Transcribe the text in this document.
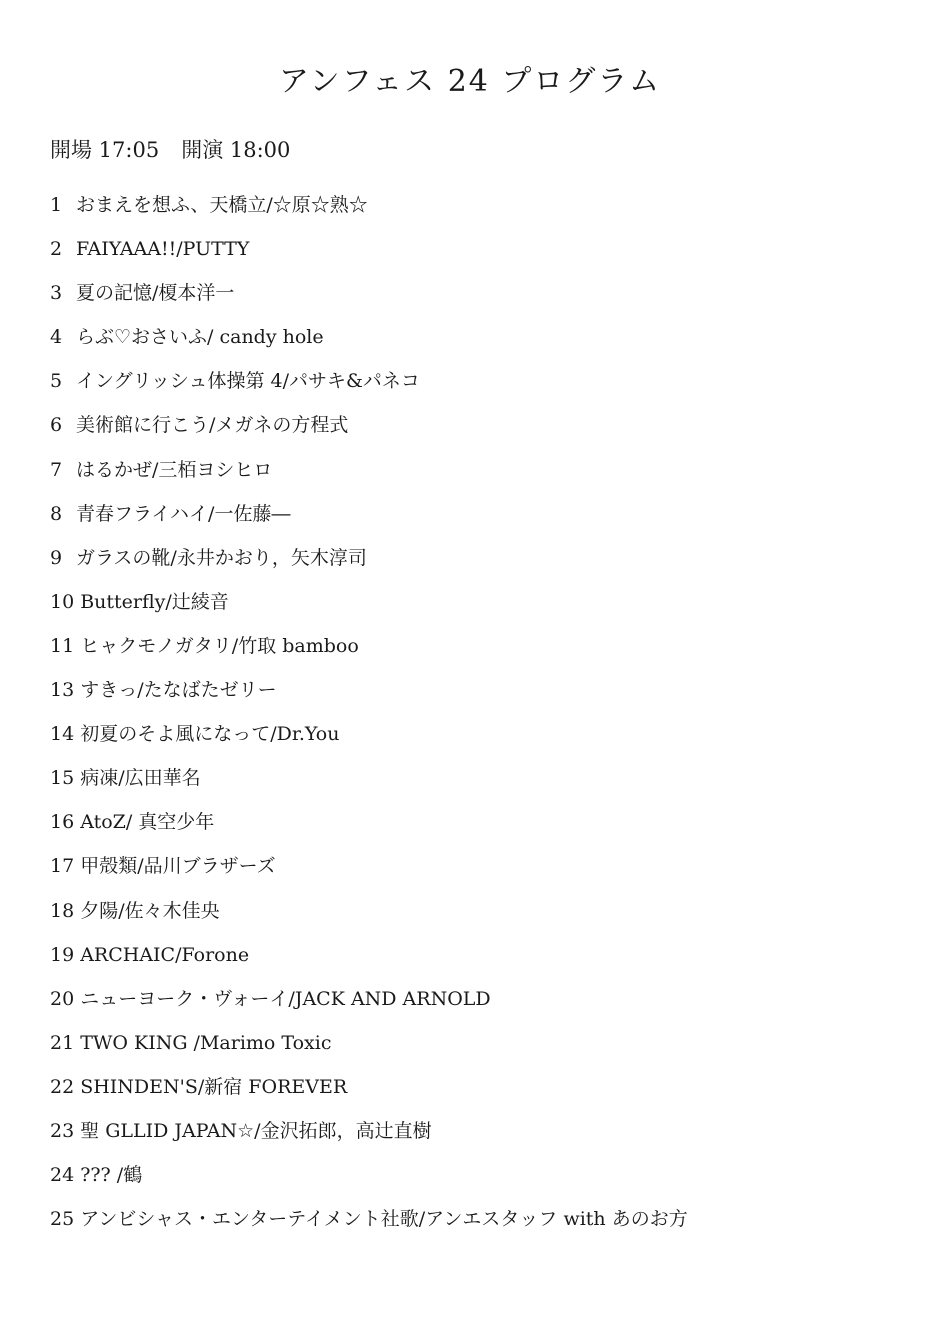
アンフェス 24 プログラム
開場 17:05 開演 18:00
1 おまえを想ふ、天橋立/☆原☆熟☆
2 FAIYAAA!!/PUTTY
3 夏の記憶/榎本洋一
4 らぶ♡おさいふ/ candy hole
5 イングリッシュ体操第 4/パサキ&パネコ
6 美術館に行こう/メガネの方程式
7 はるかぜ/三栢ヨシヒロ
8 青春フライハイ/一佐藤―
9 ガラスの靴/永井かおり，矢木淳司
10 Butterfly/辻綾音
11 ヒャクモノガタリ/竹取 bamboo
13 すきっ/たなばたゼリー
14 初夏のそよ風になって/Dr.You
15 病凍/広田華名
16 AtoZ/ 真空少年
17 甲殻類/品川ブラザーズ
18 夕陽/佐々木佳央
19 ARCHAIC/Forone
20 ニューヨーク・ヴォーイ/JACK AND ARNOLD
21 TWO KING /Marimo Toxic
22 SHINDEN'S/新宿 FOREVER
23 聖 GLLID JAPAN☆/金沢拓郎，高辻直樹
24 ??? /鶴
25 アンビシャス・エンターテイメント社歌/アンエスタッフ with あのお方
